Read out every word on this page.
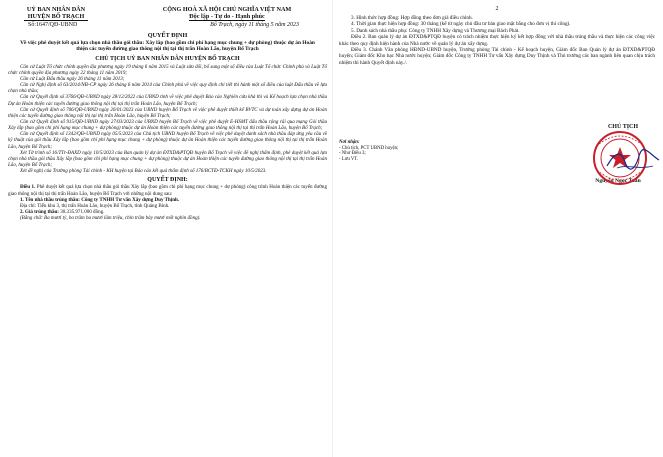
UỶ BAN NHÂN DÂN
HUYỆN BỐ TRẠCH
CỘNG HOÀ XÃ HỘI CHỦ NGHĨA VIỆT NAM
Độc lập - Tự do - Hạnh phúc
Số:1647/QĐ-UBND	Bố Trạch, ngày 11 tháng 5 năm 2023
QUYẾT ĐỊNH
Về việc phê duyệt kết quả lựa chọn nhà thầu gói thầu: Xây lắp (bao gồm chi phí hạng mục chung + dự phòng) thuộc dự án Hoàn thiện các tuyến đường giao thông nội thị tại thị trấn Hoàn Lão, huyện Bố Trạch
CHỦ TỊCH UỶ BAN NHÂN DÂN HUYỆN BỐ TRẠCH

Căn cứ Luật Tổ chức chính quyền địa phương ngày 19 tháng 6 năm 2015 và Luật sửa đổi, bổ sung một số điều của Luật Tổ chức Chính phủ và Luật Tổ chức chính quyền địa phương ngày 22 tháng 11 năm 2019;

Căn cứ Luật Đấu thầu ngày 26 tháng 11 năm 2013;

Căn cứ Nghị định số 63/2014/NĐ-CP ngày 26 tháng 6 năm 2014 của Chính phủ về việc quy định chi tiết thi hành một số điều của luật Đấu thầu về lựa chọn nhà thầu;

Căn cứ Quyết định số 3766/QĐ-UBND ngày 28/12/2022 của UBND tỉnh về việc phê duyệt Báo cáo Nghiên cứu khả thi và Kế hoạch lựa chọn nhà thầu Dự án Hoàn thiện các tuyến đường giao thông nội thị tại thị trấn Hoàn Lão, huyện Bố Trạch;

Căn cứ Quyết định số 706/QĐ-UBND ngày 26/01/2023 của UBND huyện Bố Trạch về việc phê duyệt thiết kế BVTC và dự toán xây dựng dự án Hoàn thiện các tuyến đường giao thông nội thị tại thị trấn Hoàn Lão, huyện Bố Trạch;

Căn cứ Quyết định số 915/QĐ-UBND ngày 27/03/2023 của UBND huyện Bố Trạch về việc phê duyệt E-HSMT đấu thầu rộng rãi qua mạng Gói thầu Xây lắp (bao gồm chi phí hạng mục chung + dự phòng) thuộc dự án Hoàn thiện các tuyến đường giao thông nội thị tại thị trấn Hoàn Lão, huyện Bố Trạch;

Căn cứ Quyết định số 1342/QĐ-UBND ngày 05/5/2023 của Chủ tịch UBND huyện Bố Trạch về việc phê duyệt danh sách nhà thầu đáp ứng yêu cầu về kỹ thuật của gói thầu Xây lắp (bao gồm chi phí hạng mục chung + dự phòng) thuộc dự án Hoàn thiện các tuyến đường giao thông nội thị tại thị trấn Hoàn Lão, huyện Bố Trạch;

Xét Tờ trình số 16/TTr-ĐAXD ngày 10/5/2023 của Ban quản lý dự án ĐTXD&PTQĐ huyện Bố Trạch về việc đề nghị thẩm định, phê duyệt kết quả lựa chọn nhà thầu gói thầu Xây lắp (bao gồm chi phí hạng mục chung + dự phòng) thuộc dự án Hoàn thiện các tuyến đường giao thông nội thị tại thị trấn Hoàn Lão, huyện Bố Trạch;

Xét đề nghị của Trưởng phòng Tài chính - KH huyện tại Báo cáo kết quả thẩm định số 176/BCTĐ-TCKH ngày 10/5/2023.

QUYẾT ĐỊNH:

Điều 1. Phê duyệt kết quả lựa chọn nhà thầu gói thầu Xây lắp (bao gồm chi phí hạng mục chung + dự phòng) công trình Hoàn thiện các tuyến đường giao thông nội thị tại thị trấn Hoàn Lão, huyện Bố Trạch với những nội dung sau:

1. Tên nhà thầu trúng thầu: Công ty TNHH Tư vấn Xây dựng Duy Thịnh.

Địa chỉ: Tiểu khu 3, thị trấn Hoàn Lão, huyện Bố Trạch, tỉnh Quảng Bình.

2. Giá trúng thầu: 30.335.971.000 đồng.

(Bằng chữ: Ba mươi tỷ, ba trăm ba mươi lăm triệu, chín trăm bảy mươi mốt nghìn đồng).

2

3. Hình thức hợp đồng: Hợp đồng theo đơn giá điều chỉnh.

4. Thời gian thực hiện hợp đồng: 30 tháng (kể từ ngày chủ đầu tư bàn giao mặt bằng cho đơn vị thi công).

5. Danh sách nhà thầu phụ: Công ty TNHH Xây dựng và Thương mại Bách Phát.

Điều 2. Ban quản lý dự án ĐTXD&PTQĐ huyện có trách nhiệm thực hiện ký kết hợp đồng với nhà thầu trúng thầu và thực hiện các công việc khác theo quy định hiện hành của Nhà nước về quản lý dự án xây dựng.

Điều 3. Chánh Văn phòng HĐND-UBND huyện, Trưởng phòng Tài chính - Kế hoạch huyện, Giám đốc Ban Quản lý dự án ĐTXD&PTQĐ huyện; Giám đốc Kho bạc Nhà nước huyện; Giám đốc Công ty TNHH Tư vấn Xây dựng Duy Thịnh và Thủ trưởng các ban ngành liên quan chịu trách nhiệm thi hành Quyết định này./.

Nơi nhận:
- Chủ tịch, PCT UBND huyện;
- Như Điều 3;
- Lưu VT.
CHỦ TỊCH
Nguyễn Ngọc Tuấn
